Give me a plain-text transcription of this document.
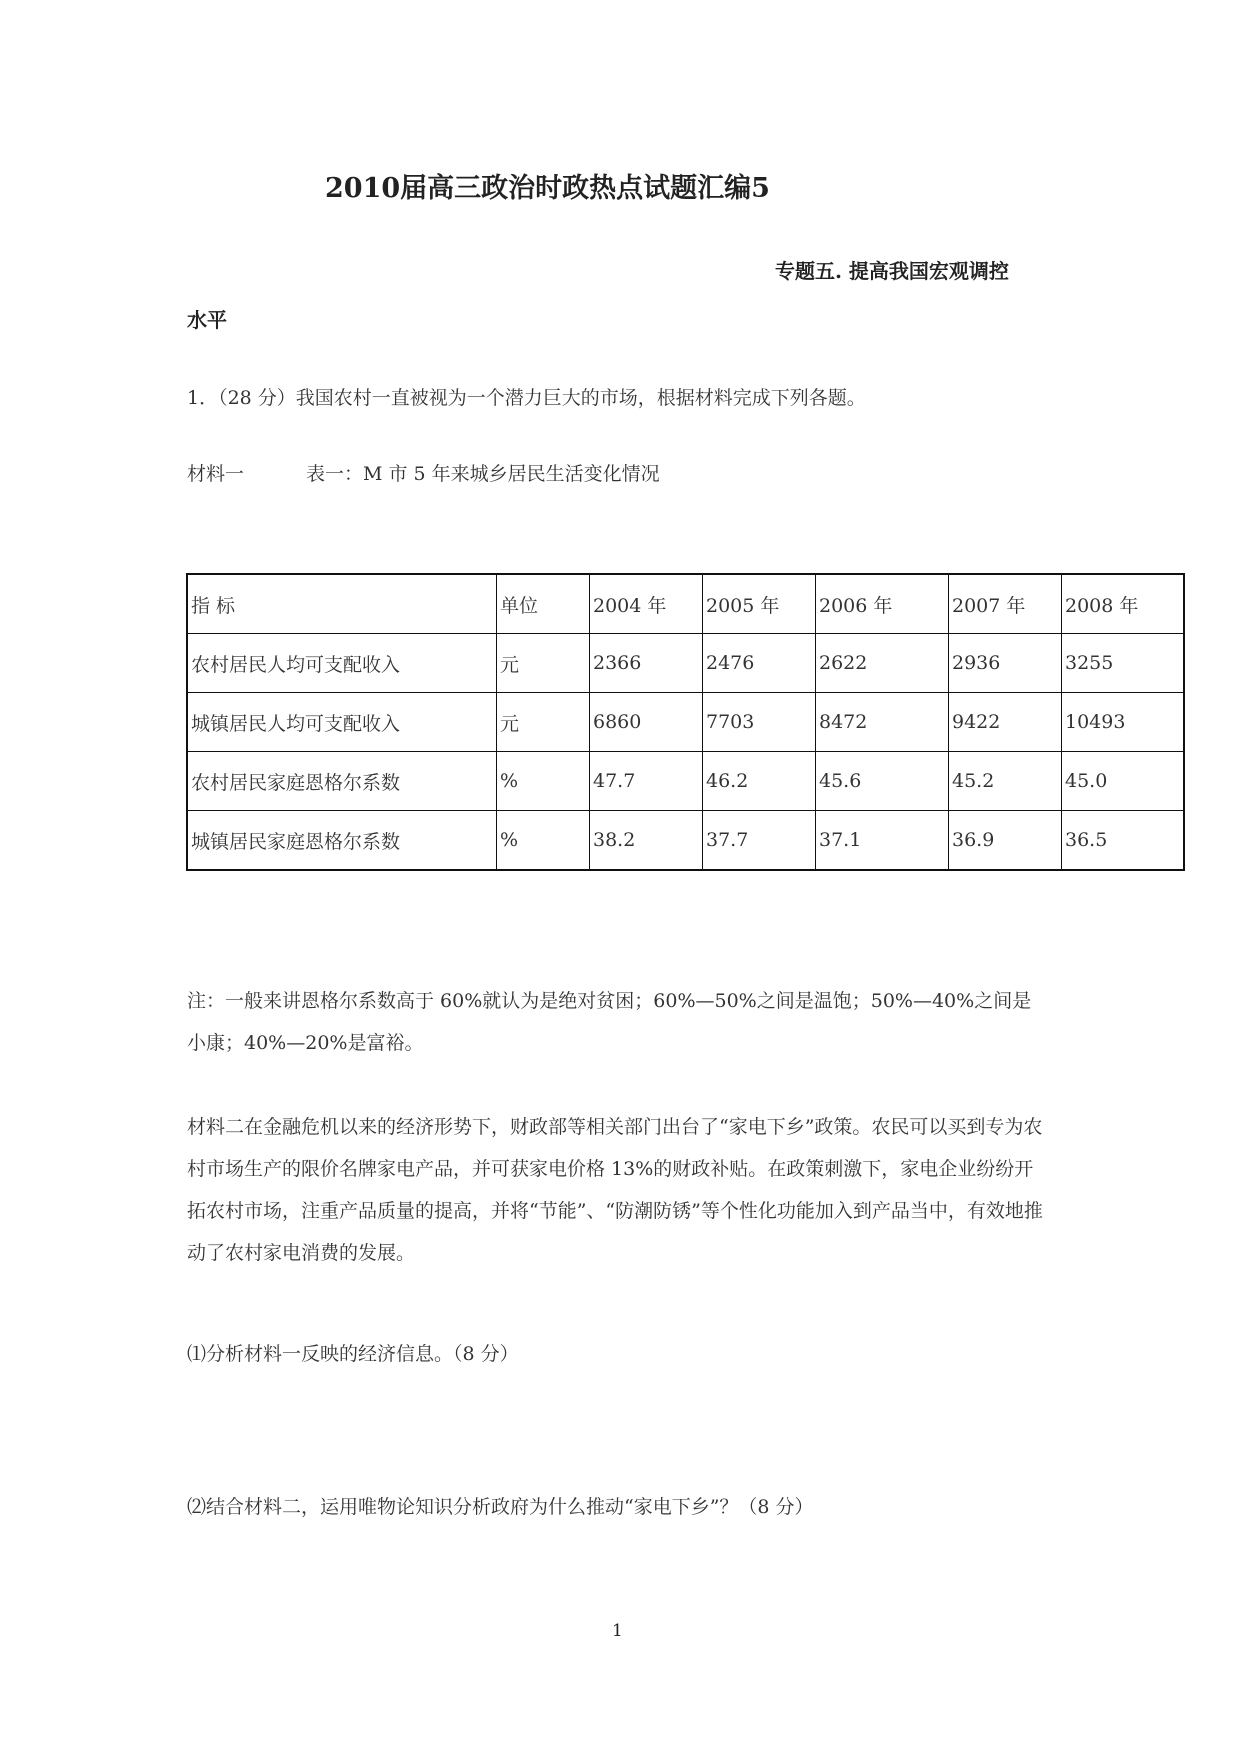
2010届高三政治时政热点试题汇编5
专题五. 提高我国宏观调控
水平
1．（28 分）我国农村一直被视为一个潜力巨大的市场，根据材料完成下列各题。
材料一	表一：M 市 5 年来城乡居民生活变化情况
指 标	单位	2004 年	2005 年	2006 年	2007 年	2008 年
农村居民人均可支配收入	元	2366	2476	2622	2936	3255
城镇居民人均可支配收入	元	6860	7703	8472	9422	10493
农村居民家庭恩格尔系数	%	47.7	46.2	45.6	45.2	45.0
城镇居民家庭恩格尔系数	%	38.2	37.7	37.1	36.9	36.5
注：一般来讲恩格尔系数高于 60%就认为是绝对贫困；60%—50%之间是温饱；50%—40%之间是小康；40%—20%是富裕。
材料二在金融危机以来的经济形势下，财政部等相关部门出台了“家电下乡”政策。农民可以买到专为农村市场生产的限价名牌家电产品，并可获家电价格 13%的财政补贴。在政策刺激下，家电企业纷纷开拓农村市场，注重产品质量的提高，并将“节能”、“防潮防锈”等个性化功能加入到产品当中，有效地推动了农村家电消费的发展。
⑴分析材料一反映的经济信息。（8 分）
⑵结合材料二，运用唯物论知识分析政府为什么推动“家电下乡”？（8 分）
1
